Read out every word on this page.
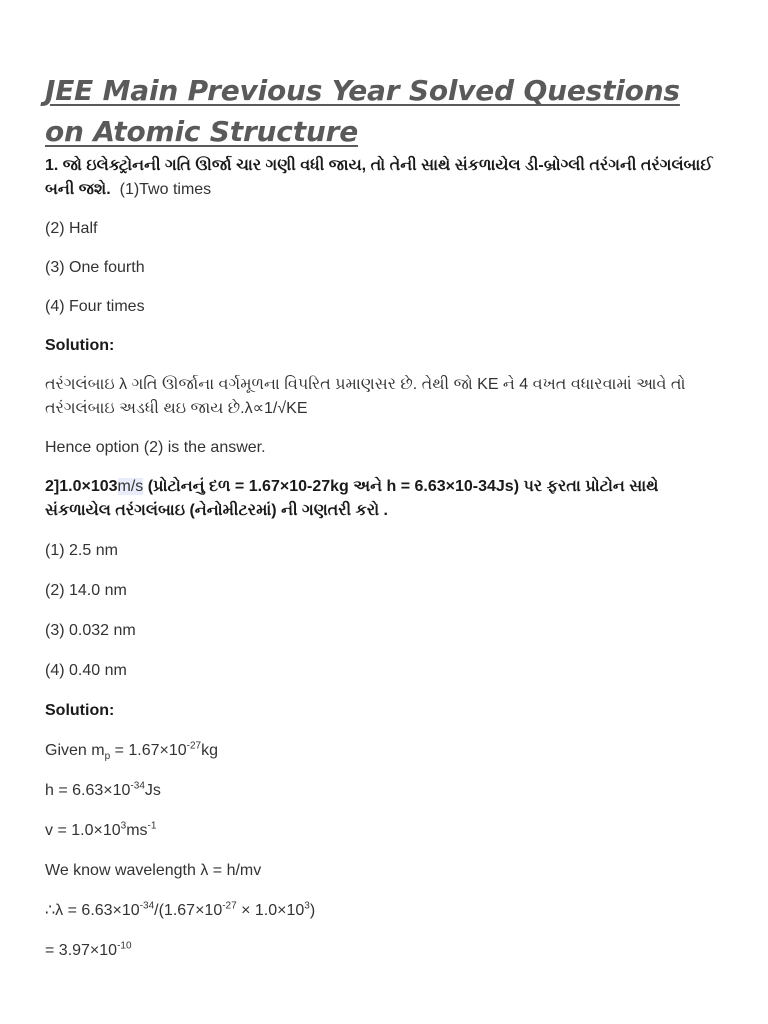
JEE Main Previous Year Solved Questions
on Atomic Structure

1. જો ઇલેક્ટ્રોનની ગતિ ઊર્જા ચાર ગણી વધી જાય, તો તેની સાથે સંકળાયેલ ડી-બ્રોગ્લી તરંગની તરંગલંબાઈ બની જશે. (1)Two times

(2) Half

(3) One fourth

(4) Four times

Solution:

તરંગલંબાઇ λ ગતિ ઊર્જાના વર્ગમૂળના વિપરિત પ્રમાણસર છે. તેથી જો KE ને 4 વખત વધારવામાં આવે તો તરંગલંબાઇ અડધી થઇ જાય છે.λ∝1/√KE

Hence option (2) is the answer.

2]1.0×103m/s (પ્રોટોનનું દળ = 1.67×10-27kg અને h = 6.63×10-34Js) પર ફરતા પ્રોટોન સાથે સંકળાયેલ તરંગલંબાઇ (નેનોમીટરમાં) ની ગણતરી કરો .

(1) 2.5 nm

(2) 14.0 nm

(3) 0.032 nm

(4) 0.40 nm

Solution:

Given $m_p = 1.67\times 10^{-27}kg$

$h = 6.63\times 10^{-34}Js$

$v = 1.0\times 10^3ms^{-1}$

We know wavelength λ = h/mv

∴λ = $6.63\times 10^{-34}/(1.67\times 10^{-27} \times 1.0\times 10^3)$

= $3.97\times 10^{-10}$
